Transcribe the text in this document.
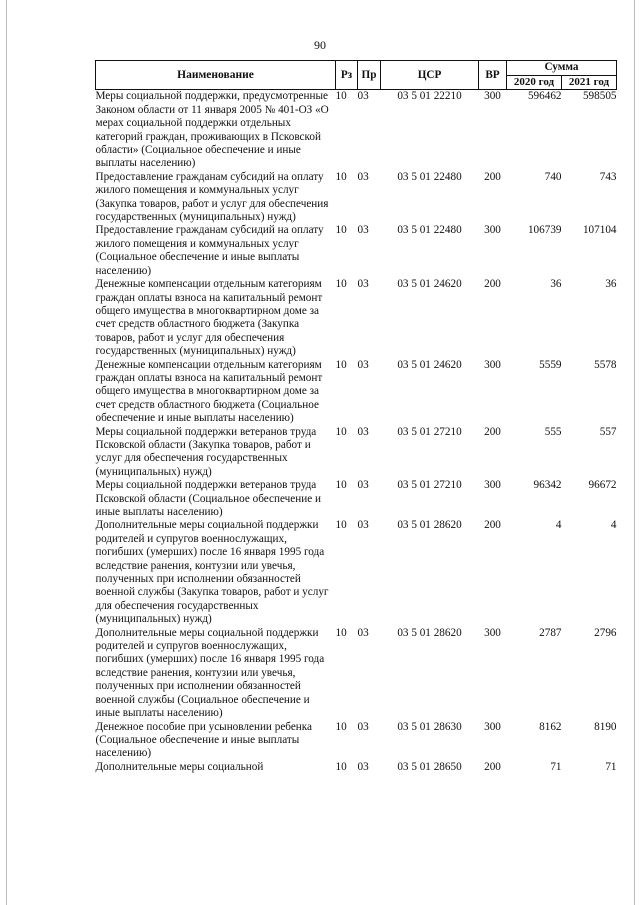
90
Наименование	Рз	Пр	ЦСР	ВР	Сумма	
					2020 год	2021 год
Меры социальной поддержки, предусмотренные Законом области от 11 января 2005 № 401-ОЗ «О мерах социальной поддержки отдельных категорий граждан, проживающих в Псковской области» (Социальное обеспечение и иные выплаты населению)	10	03	03 5 01 22210	300	596462	598505
Предоставление гражданам субсидий на оплату жилого помещения и коммунальных услуг (Закупка товаров, работ и услуг для обеспечения государственных (муниципальных) нужд)	10	03	03 5 01 22480	200	740	743
Предоставление гражданам субсидий на оплату жилого помещения и коммунальных услуг (Социальное обеспечение и иные выплаты населению)	10	03	03 5 01 22480	300	106739	107104
Денежные компенсации отдельным категориям граждан оплаты взноса на капитальный ремонт общего имущества в многоквартирном доме за счет средств областного бюджета (Закупка товаров, работ и услуг для обеспечения государственных (муниципальных) нужд)	10	03	03 5 01 24620	200	36	36
Денежные компенсации отдельным категориям граждан оплаты взноса на капитальный ремонт общего имущества в многоквартирном доме за счет средств областного бюджета (Социальное обеспечение и иные выплаты населению)	10	03	03 5 01 24620	300	5559	5578
Меры социальной поддержки ветеранов труда Псковской области (Закупка товаров, работ и услуг для обеспечения государственных (муниципальных) нужд)	10	03	03 5 01 27210	200	555	557
Меры социальной поддержки ветеранов труда Псковской области (Социальное обеспечение и иные выплаты населению)	10	03	03 5 01 27210	300	96342	96672
Дополнительные меры социальной поддержки родителей и супругов военнослужащих, погибших (умерших) после 16 января 1995 года вследствие ранения, контузии или увечья, полученных при исполнении обязанностей военной службы (Закупка товаров, работ и услуг для обеспечения государственных (муниципальных) нужд)	10	03	03 5 01 28620	200	4	4
Дополнительные меры социальной поддержки родителей и супругов военнослужащих, погибших (умерших) после 16 января 1995 года вследствие ранения, контузии или увечья, полученных при исполнении обязанностей военной службы (Социальное обеспечение и иные выплаты населению)	10	03	03 5 01 28620	300	2787	2796
Денежное пособие при усыновлении ребенка (Социальное обеспечение и иные выплаты населению)	10	03	03 5 01 28630	300	8162	8190
Дополнительные меры социальной	10	03	03 5 01 28650	200	71	71
